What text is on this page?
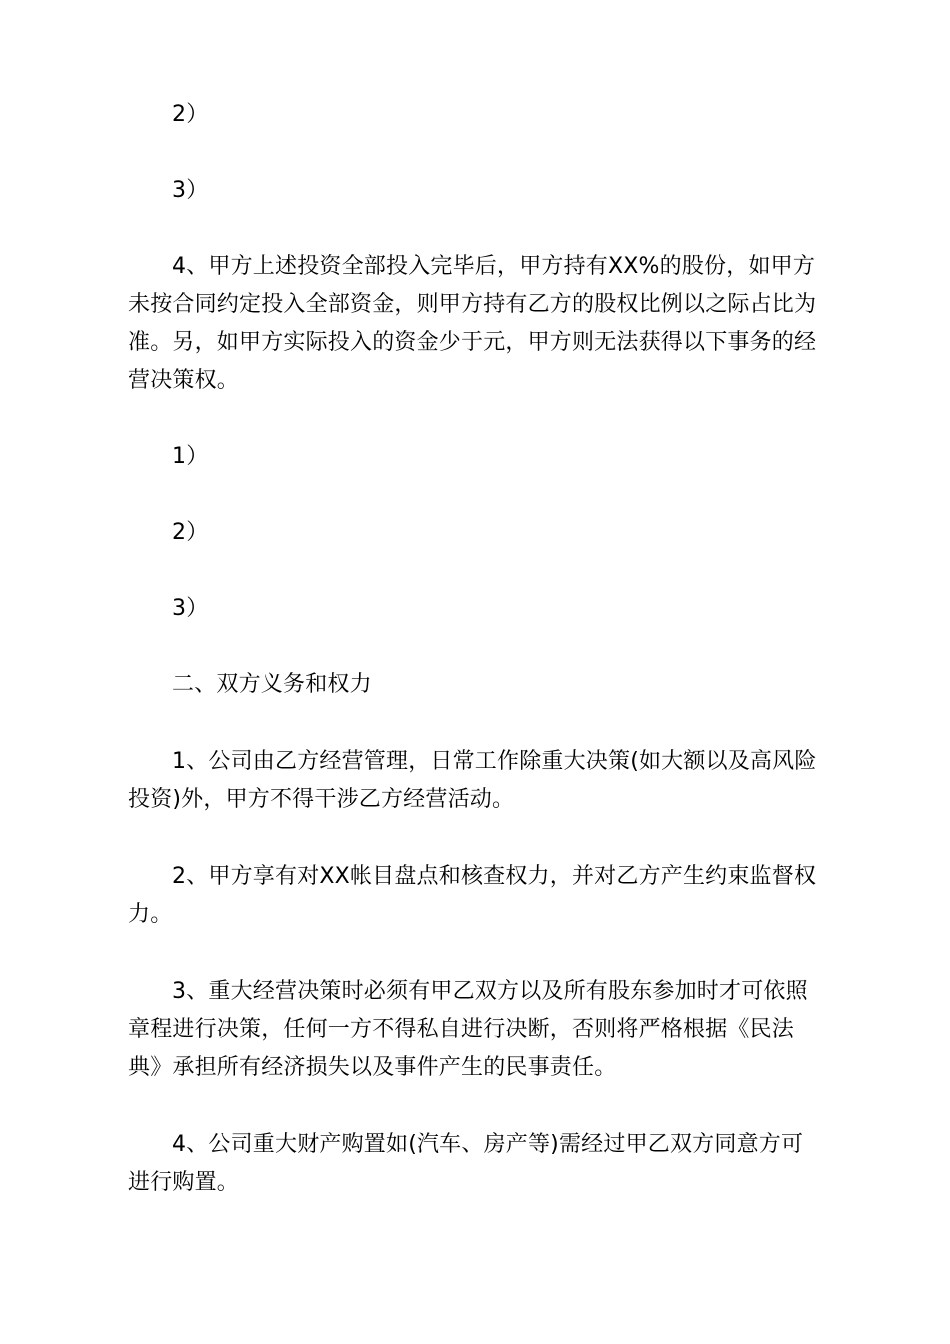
2）
3）
4、甲方上述投资全部投入完毕后，甲方持有XX%的股份，如甲方
未按合同约定投入全部资金，则甲方持有乙方的股权比例以之际占比为
准。另，如甲方实际投入的资金少于元，甲方则无法获得以下事务的经
营决策权。
1）
2）
3）
二、双方义务和权力
1、公司由乙方经营管理，日常工作除重大决策(如大额以及高风险
投资)外，甲方不得干涉乙方经营活动。
2、甲方享有对XX帐目盘点和核查权力，并对乙方产生约束监督权
力。
3、重大经营决策时必须有甲乙双方以及所有股东参加时才可依照
章程进行决策，任何一方不得私自进行决断，否则将严格根据《民法
典》承担所有经济损失以及事件产生的民事责任。
4、公司重大财产购置如(汽车、房产等)需经过甲乙双方同意方可
进行购置。
